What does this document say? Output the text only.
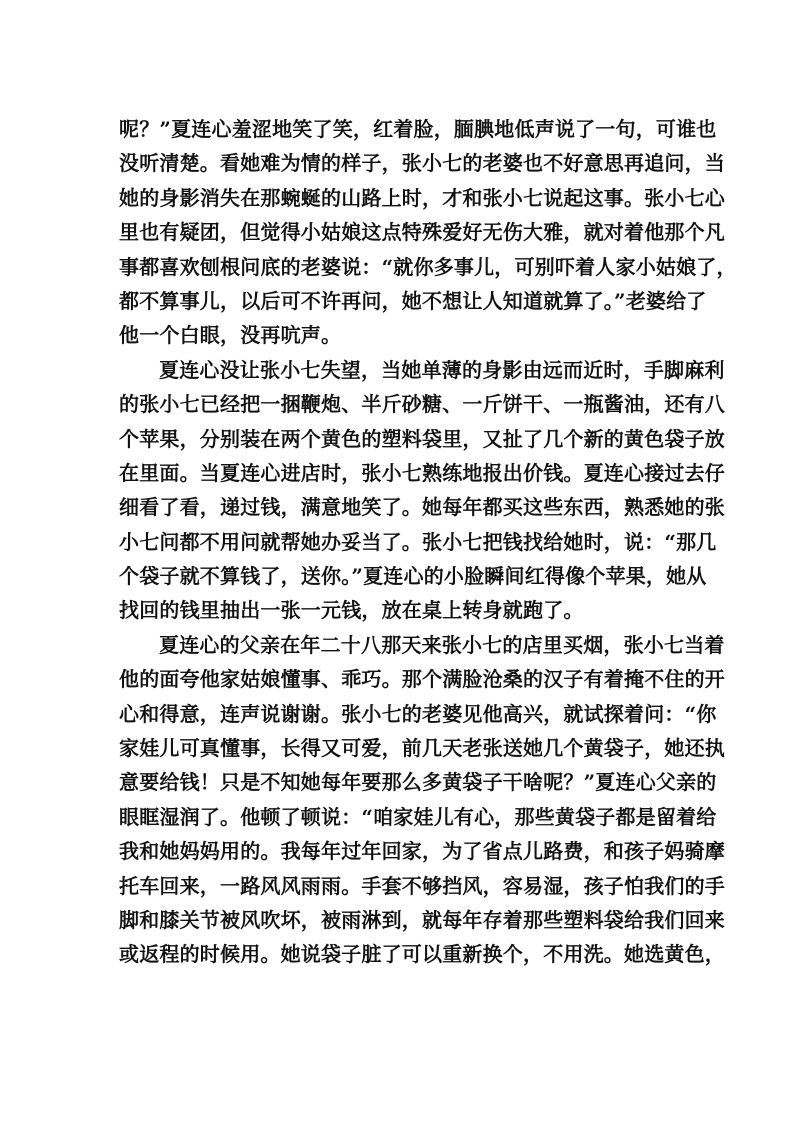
呢？”夏连心羞涩地笑了笑，红着脸，腼腆地低声说了一句，可谁也
没听清楚。看她难为情的样子，张小七的老婆也不好意思再追问，当
她的身影消失在那蜿蜒的山路上时，才和张小七说起这事。张小七心
里也有疑团，但觉得小姑娘这点特殊爱好无伤大雅，就对着他那个凡
事都喜欢刨根问底的老婆说：“就你多事儿，可别吓着人家小姑娘了，
都不算事儿，以后可不许再问，她不想让人知道就算了。”老婆给了
他一个白眼，没再吭声。
夏连心没让张小七失望，当她单薄的身影由远而近时，手脚麻利
的张小七已经把一捆鞭炮、半斤砂糖、一斤饼干、一瓶酱油，还有八
个苹果，分别装在两个黄色的塑料袋里，又扯了几个新的黄色袋子放
在里面。当夏连心进店时，张小七熟练地报出价钱。夏连心接过去仔
细看了看，递过钱，满意地笑了。她每年都买这些东西，熟悉她的张
小七问都不用问就帮她办妥当了。张小七把钱找给她时，说：“那几
个袋子就不算钱了，送你。”夏连心的小脸瞬间红得像个苹果，她从
找回的钱里抽出一张一元钱，放在桌上转身就跑了。
夏连心的父亲在年二十八那天来张小七的店里买烟，张小七当着
他的面夸他家姑娘懂事、乖巧。那个满脸沧桑的汉子有着掩不住的开
心和得意，连声说谢谢。张小七的老婆见他高兴，就试探着问：“你
家娃儿可真懂事，长得又可爱，前几天老张送她几个黄袋子，她还执
意要给钱！只是不知她每年要那么多黄袋子干啥呢？”夏连心父亲的
眼眶湿润了。他顿了顿说：“咱家娃儿有心，那些黄袋子都是留着给
我和她妈妈用的。我每年过年回家，为了省点儿路费，和孩子妈骑摩
托车回来，一路风风雨雨。手套不够挡风，容易湿，孩子怕我们的手
脚和膝关节被风吹坏，被雨淋到，就每年存着那些塑料袋给我们回来
或返程的时候用。她说袋子脏了可以重新换个，不用洗。她选黄色，
